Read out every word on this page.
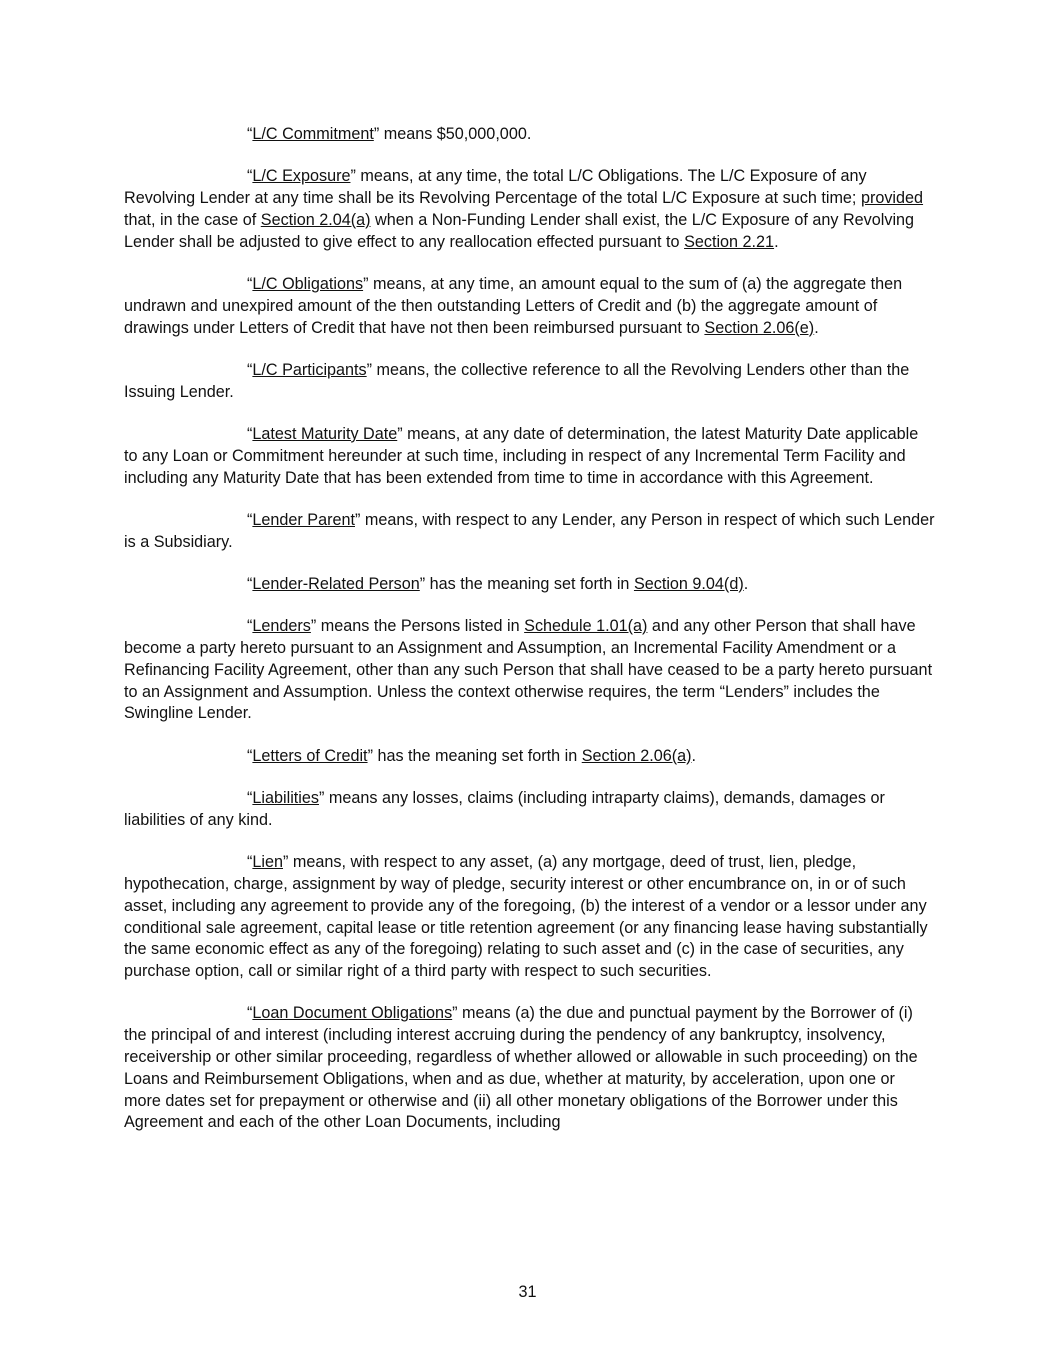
“L/C Commitment” means $50,000,000.

“L/C Exposure” means, at any time, the total L/C Obligations. The L/C Exposure of any Revolving Lender at any time shall be its Revolving Percentage of the total L/C Exposure at such time; provided that, in the case of Section 2.04(a) when a Non-Funding Lender shall exist, the L/C Exposure of any Revolving Lender shall be adjusted to give effect to any reallocation effected pursuant to Section 2.21.

“L/C Obligations” means, at any time, an amount equal to the sum of (a) the aggregate then undrawn and unexpired amount of the then outstanding Letters of Credit and (b) the aggregate amount of drawings under Letters of Credit that have not then been reimbursed pursuant to Section 2.06(e).

“L/C Participants” means, the collective reference to all the Revolving Lenders other than the Issuing Lender.

“Latest Maturity Date” means, at any date of determination, the latest Maturity Date applicable to any Loan or Commitment hereunder at such time, including in respect of any Incremental Term Facility and including any Maturity Date that has been extended from time to time in accordance with this Agreement.

“Lender Parent” means, with respect to any Lender, any Person in respect of which such Lender is a Subsidiary.

“Lender-Related Person” has the meaning set forth in Section 9.04(d).

“Lenders” means the Persons listed in Schedule 1.01(a) and any other Person that shall have become a party hereto pursuant to an Assignment and Assumption, an Incremental Facility Amendment or a Refinancing Facility Agreement, other than any such Person that shall have ceased to be a party hereto pursuant to an Assignment and Assumption. Unless the context otherwise requires, the term “Lenders” includes the Swingline Lender.

“Letters of Credit” has the meaning set forth in Section 2.06(a).

“Liabilities” means any losses, claims (including intraparty claims), demands, damages or liabilities of any kind.

“Lien” means, with respect to any asset, (a) any mortgage, deed of trust, lien, pledge, hypothecation, charge, assignment by way of pledge, security interest or other encumbrance on, in or of such asset, including any agreement to provide any of the foregoing, (b) the interest of a vendor or a lessor under any conditional sale agreement, capital lease or title retention agreement (or any financing lease having substantially the same economic effect as any of the foregoing) relating to such asset and (c) in the case of securities, any purchase option, call or similar right of a third party with respect to such securities.

“Loan Document Obligations” means (a) the due and punctual payment by the Borrower of (i) the principal of and interest (including interest accruing during the pendency of any bankruptcy, insolvency, receivership or other similar proceeding, regardless of whether allowed or allowable in such proceeding) on the Loans and Reimbursement Obligations, when and as due, whether at maturity, by acceleration, upon one or more dates set for prepayment or otherwise and (ii) all other monetary obligations of the Borrower under this Agreement and each of the other Loan Documents, including

31
